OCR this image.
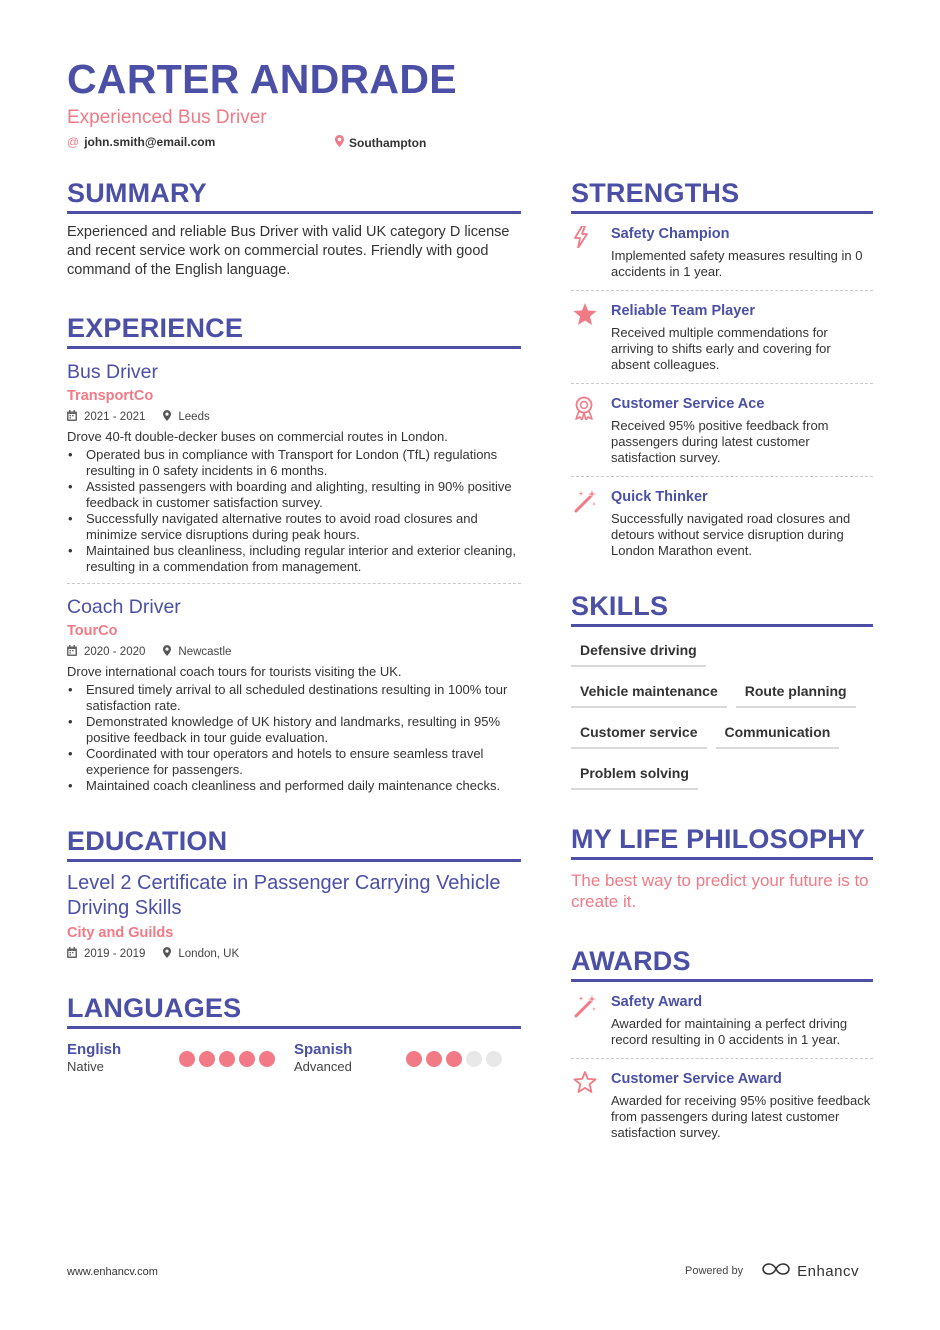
CARTER ANDRADE
Experienced Bus Driver
@ john.smith@email.com	Southampton
SUMMARY
Experienced and reliable Bus Driver with valid UK category D license and recent service work on commercial routes. Friendly with good command of the English language.
EXPERIENCE
Bus Driver
TransportCo
2021 - 2021	Leeds
Drove 40-ft double-decker buses on commercial routes in London.
• Operated bus in compliance with Transport for London (TfL) regulations resulting in 0 safety incidents in 6 months.
• Assisted passengers with boarding and alighting, resulting in 90% positive feedback in customer satisfaction survey.
• Successfully navigated alternative routes to avoid road closures and minimize service disruptions during peak hours.
• Maintained bus cleanliness, including regular interior and exterior cleaning, resulting in a commendation from management.
Coach Driver
TourCo
2020 - 2020	Newcastle
Drove international coach tours for tourists visiting the UK.
• Ensured timely arrival to all scheduled destinations resulting in 100% tour satisfaction rate.
• Demonstrated knowledge of UK history and landmarks, resulting in 95% positive feedback in tour guide evaluation.
• Coordinated with tour operators and hotels to ensure seamless travel experience for passengers.
• Maintained coach cleanliness and performed daily maintenance checks.
EDUCATION
Level 2 Certificate in Passenger Carrying Vehicle Driving Skills
City and Guilds
2019 - 2019	London, UK
LANGUAGES
English
Native
Spanish
Advanced
STRENGTHS
Safety Champion
Implemented safety measures resulting in 0 accidents in 1 year.
Reliable Team Player
Received multiple commendations for arriving to shifts early and covering for absent colleagues.
Customer Service Ace
Received 95% positive feedback from passengers during latest customer satisfaction survey.
Quick Thinker
Successfully navigated road closures and detours without service disruption during London Marathon event.
SKILLS
Defensive driving
Vehicle maintenance	Route planning
Customer service	Communication
Problem solving
MY LIFE PHILOSOPHY
The best way to predict your future is to create it.
AWARDS
Safety Award
Awarded for maintaining a perfect driving record resulting in 0 accidents in 1 year.
Customer Service Award
Awarded for receiving 95% positive feedback from passengers during latest customer satisfaction survey.
www.enhancv.com	Powered by	Enhancv
